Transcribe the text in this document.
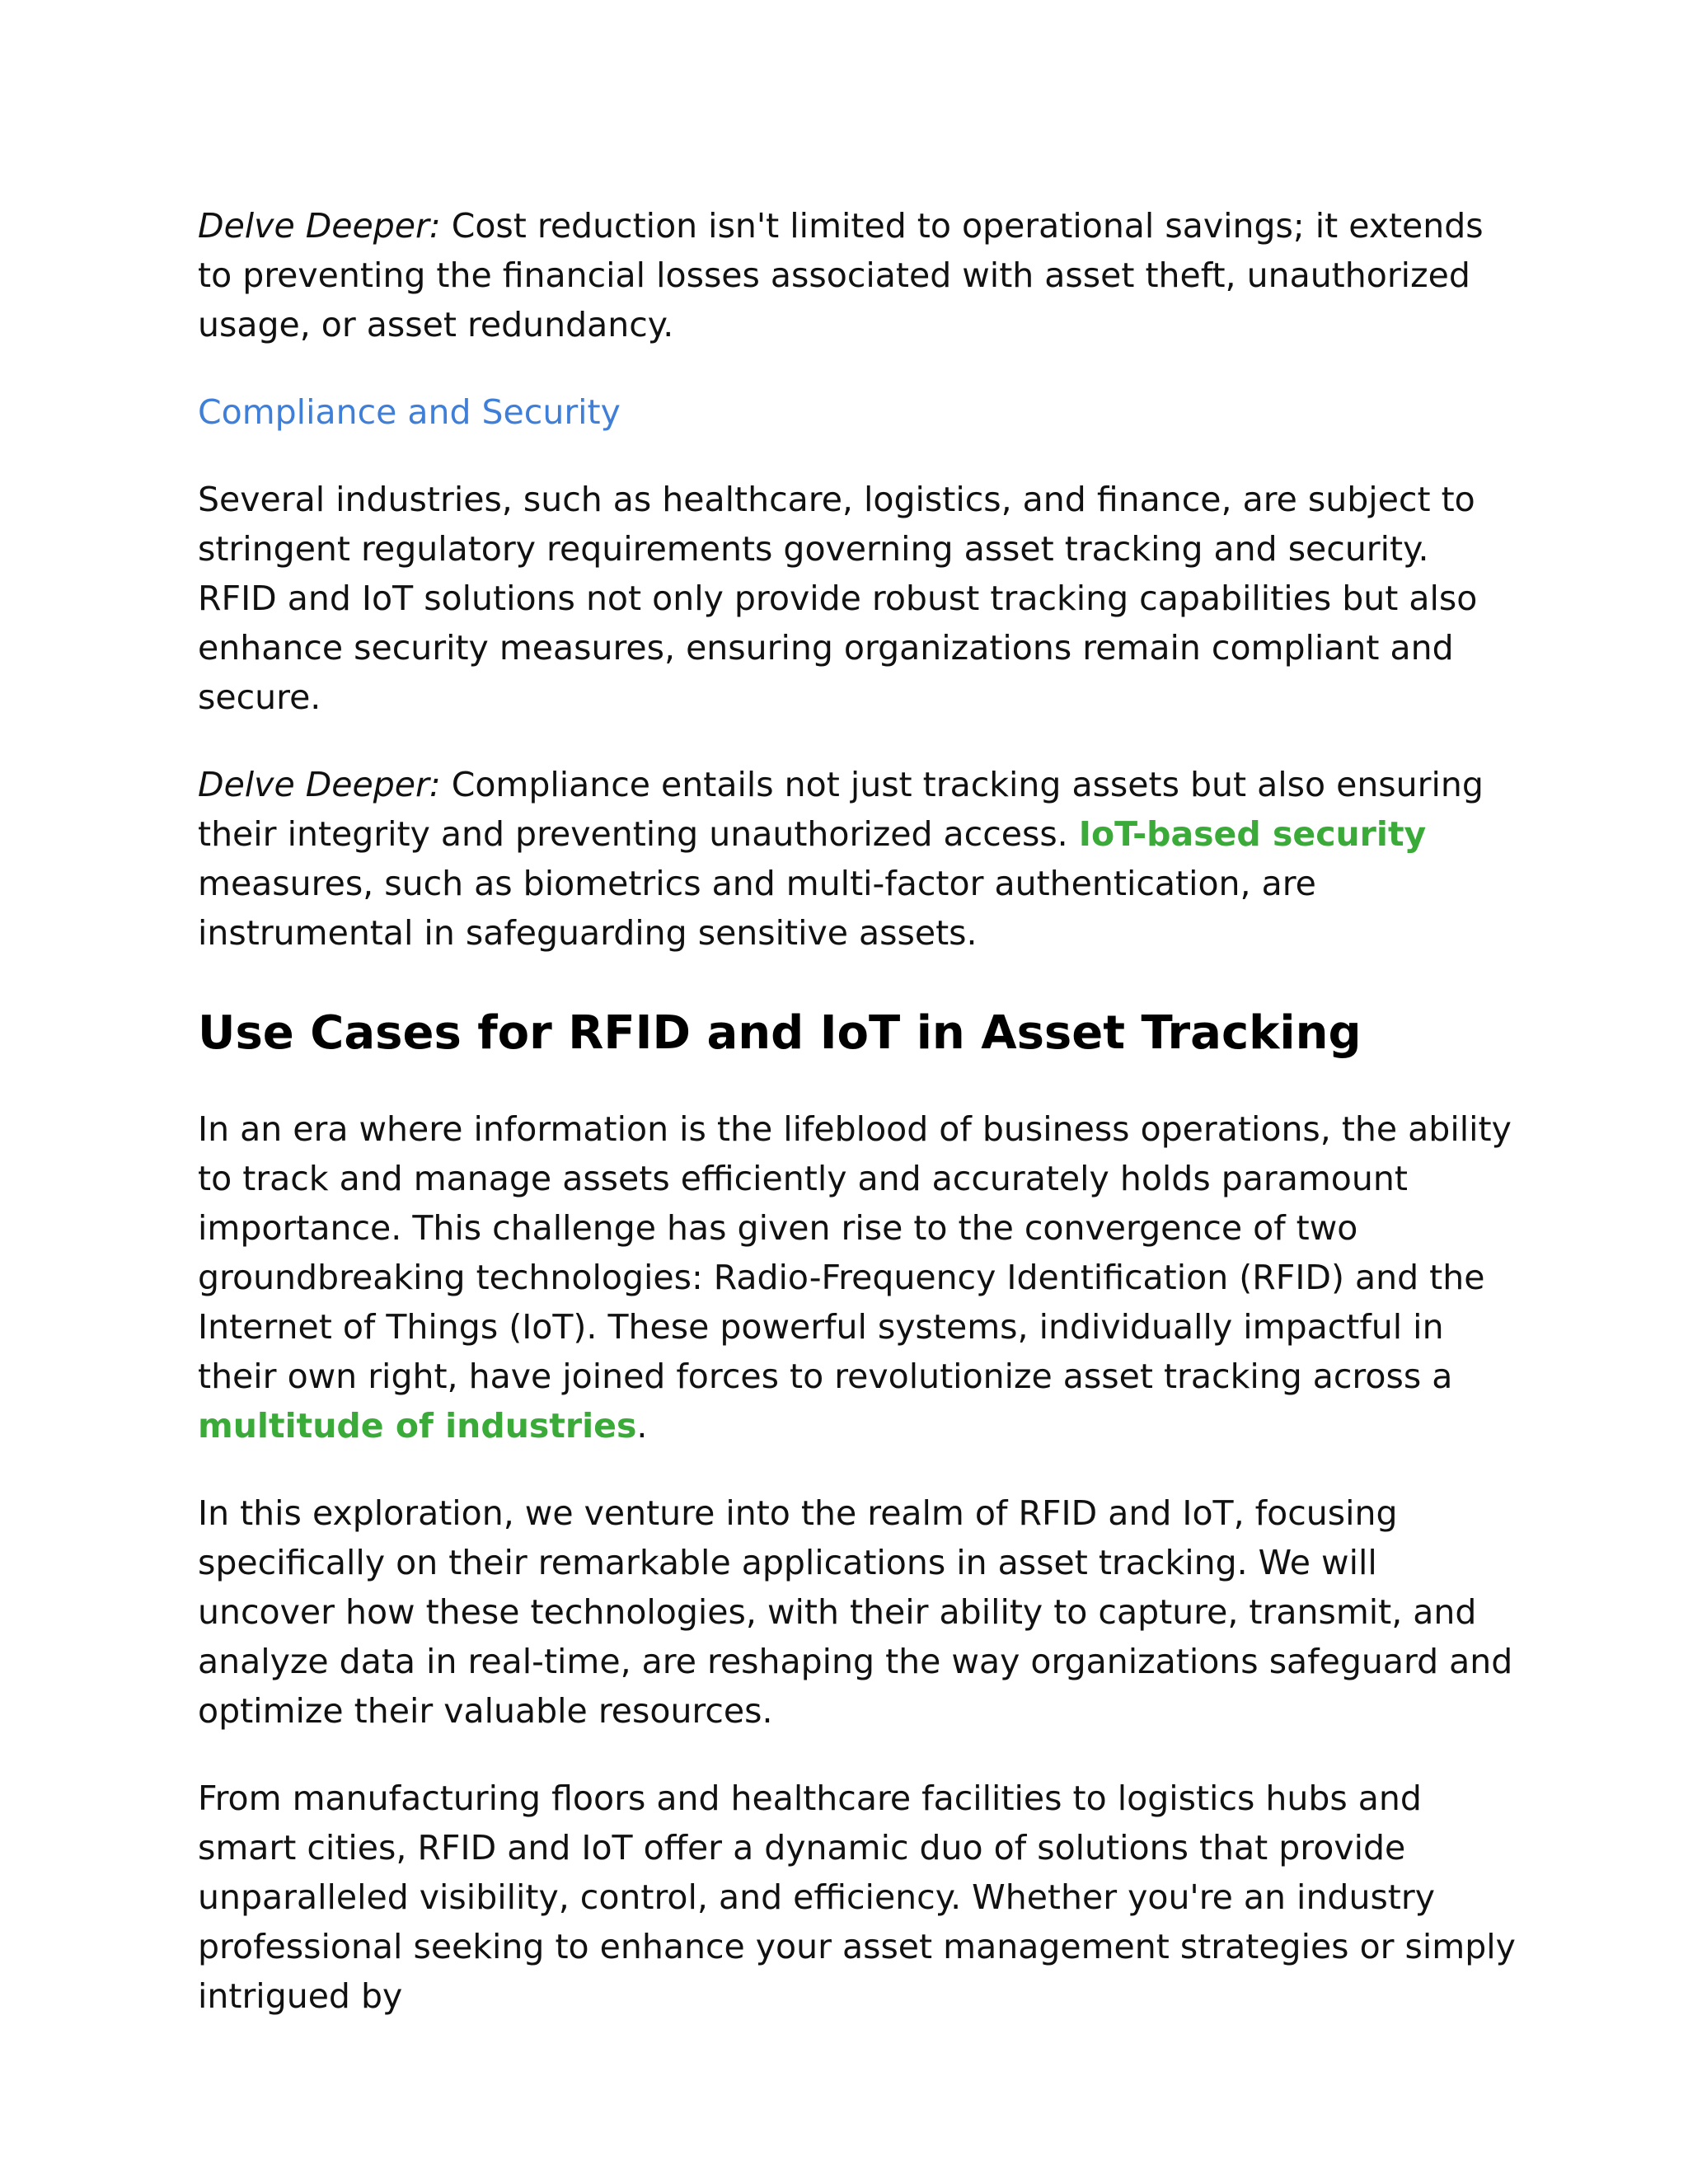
Delve Deeper: Cost reduction isn't limited to operational savings; it extends to preventing the financial losses associated with asset theft, unauthorized usage, or asset redundancy.

Compliance and Security

Several industries, such as healthcare, logistics, and finance, are subject to stringent regulatory requirements governing asset tracking and security. RFID and IoT solutions not only provide robust tracking capabilities but also enhance security measures, ensuring organizations remain compliant and secure.

Delve Deeper: Compliance entails not just tracking assets but also ensuring their integrity and preventing unauthorized access. IoT-based security measures, such as biometrics and multi-factor authentication, are instrumental in safeguarding sensitive assets.

Use Cases for RFID and IoT in Asset Tracking

In an era where information is the lifeblood of business operations, the ability to track and manage assets efficiently and accurately holds paramount importance. This challenge has given rise to the convergence of two groundbreaking technologies: Radio-Frequency Identification (RFID) and the Internet of Things (IoT). These powerful systems, individually impactful in their own right, have joined forces to revolutionize asset tracking across a multitude of industries.

In this exploration, we venture into the realm of RFID and IoT, focusing specifically on their remarkable applications in asset tracking. We will uncover how these technologies, with their ability to capture, transmit, and analyze data in real-time, are reshaping the way organizations safeguard and optimize their valuable resources.

From manufacturing floors and healthcare facilities to logistics hubs and smart cities, RFID and IoT offer a dynamic duo of solutions that provide unparalleled visibility, control, and efficiency. Whether you're an industry professional seeking to enhance your asset management strategies or simply intrigued by
